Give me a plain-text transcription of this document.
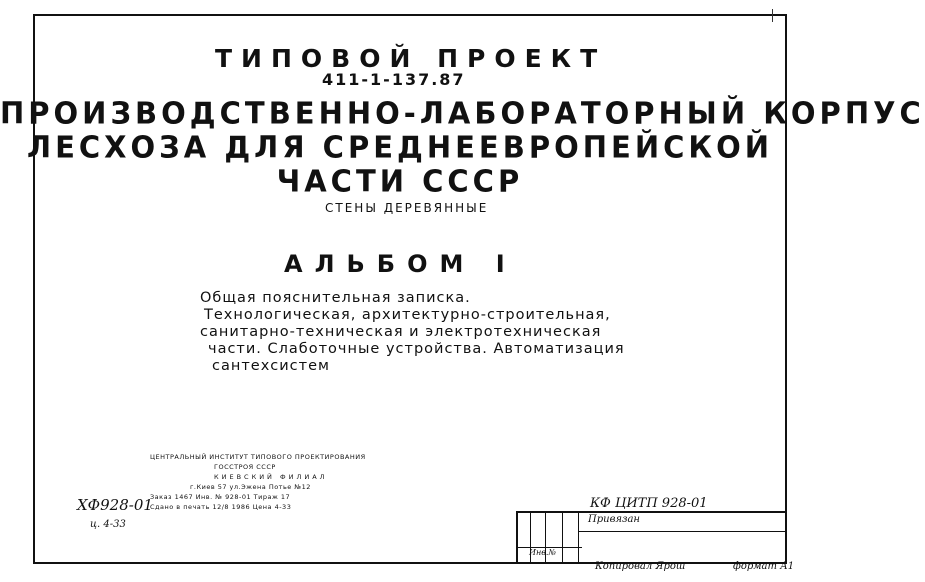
ТИПОВОЙ ПРОЕКТ
411-1-137.87
ПРОИЗВОДСТВЕННО-ЛАБОРАТОРНЫЙ КОРПУС
ЛЕСХОЗА ДЛЯ СРЕДНЕЕВРОПЕЙСКОЙ
ЧАСТИ СССР
СТЕНЫ ДЕРЕВЯННЫЕ
АЛЬБОМ I
Общая пояснительная записка.
Технологическая, архитектурно-строительная,
санитарно-техническая и электротехническая
части. Слаботочные устройства. Автоматизация
сантехсистем
ЦЕНТРАЛЬНЫЙ ИНСТИТУТ ТИПОВОГО ПРОЕКТИРОВАНИЯ
ГОССТРОЯ СССР
КИЕВСКИЙ ФИЛИАЛ
г.Киев 57 ул.Эжена Потье №12
Заказ 1467 Инв. № 928-01 Тираж 17
Сдано в печать 12/8 1986 Цена 4-33
ХФ928-01
ц. 4-33
КФ ЦИТП 928-01
Привязан
Инв.№
Копировал Ярош	формат А1
